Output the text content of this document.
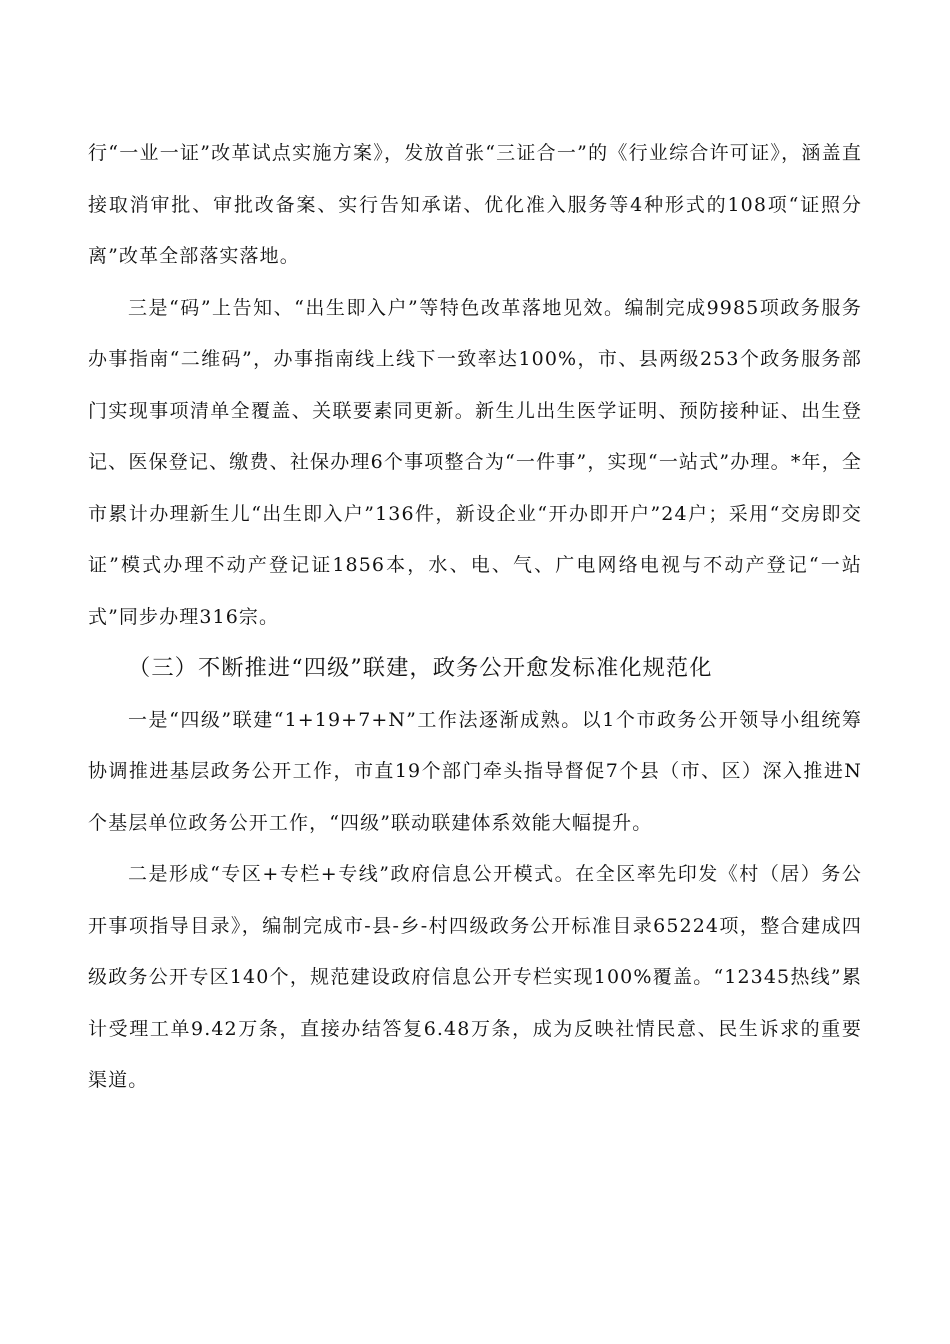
行“一业一证”改革试点实施方案》，发放首张“三证合一”的《行业综合许可证》，涵盖直接取消审批、审批改备案、实行告知承诺、优化准入服务等4种形式的108项“证照分离”改革全部落实落地。

三是“码”上告知、“出生即入户”等特色改革落地见效。编制完成9985项政务服务办事指南“二维码”，办事指南线上线下一致率达100%，市、县两级253个政务服务部门实现事项清单全覆盖、关联要素同更新。新生儿出生医学证明、预防接种证、出生登记、医保登记、缴费、社保办理6个事项整合为“一件事”，实现“一站式”办理。*年，全市累计办理新生儿“出生即入户”136件，新设企业“开办即开户”24户；采用“交房即交证”模式办理不动产登记证1856本，水、电、气、广电网络电视与不动产登记“一站式”同步办理316宗。

（三）不断推进“四级”联建，政务公开愈发标准化规范化

一是“四级”联建“1+19+7+N”工作法逐渐成熟。以1个市政务公开领导小组统筹协调推进基层政务公开工作，市直19个部门牵头指导督促7个县（市、区）深入推进N个基层单位政务公开工作，“四级”联动联建体系效能大幅提升。

二是形成“专区+专栏+专线”政府信息公开模式。在全区率先印发《村（居）务公开事项指导目录》，编制完成市-县-乡-村四级政务公开标准目录65224项，整合建成四级政务公开专区140个，规范建设政府信息公开专栏实现100%覆盖。“12345热线”累计受理工单9.42万条，直接办结答复6.48万条，成为反映社情民意、民生诉求的重要渠道。
